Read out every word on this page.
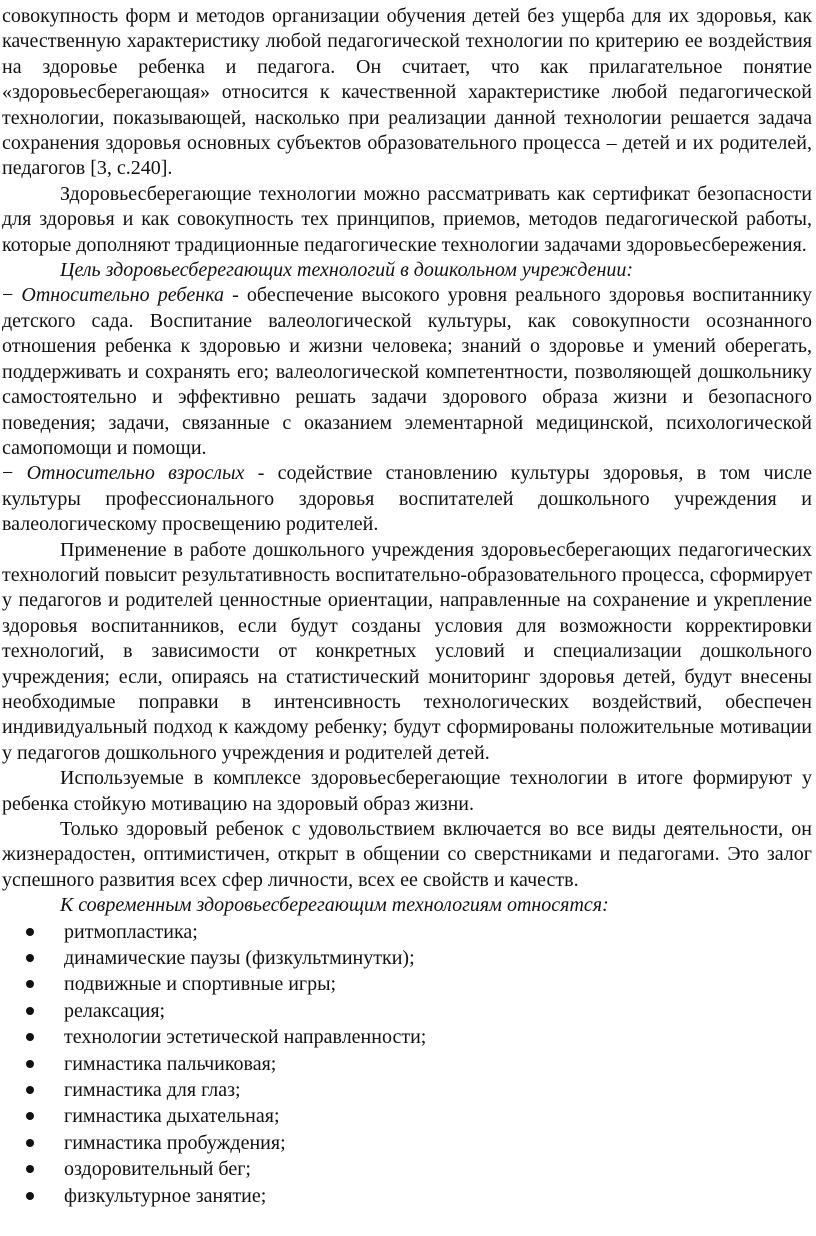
совокупность форм и методов организации обучения детей без ущерба для их здоровья, как качественную характеристику любой педагогической технологии по критерию ее воздействия на здоровье ребенка и педагога. Он считает, что как прилагательное понятие «здоровьесберегающая» относится к качественной характеристике любой педагогической технологии, показывающей, насколько при реализации данной технологии решается задача сохранения здоровья основных субъектов образовательного процесса – детей и их родителей, педагогов [3, с.240].

Здоровьесберегающие технологии можно рассматривать как сертификат безопасности для здоровья и как совокупность тех принципов, приемов, методов педагогической работы, которые дополняют традиционные педагогические технологии задачами здоровьесбережения.

Цель здоровьесберегающих технологий в дошкольном учреждении:

− Относительно ребенка - обеспечение высокого уровня реального здоровья воспитаннику детского сада. Воспитание валеологической культуры, как совокупности осознанного отношения ребенка к здоровью и жизни человека; знаний о здоровье и умений оберегать, поддерживать и сохранять его; валеологической компетентности, позволяющей дошкольнику самостоятельно и эффективно решать задачи здорового образа жизни и безопасного поведения; задачи, связанные с оказанием элементарной медицинской, психологической самопомощи и помощи.

− Относительно взрослых - содействие становлению культуры здоровья, в том числе культуры профессионального здоровья воспитателей дошкольного учреждения и валеологическому просвещению родителей.

Применение в работе дошкольного учреждения здоровьесберегающих педагогических технологий повысит результативность воспитательно-образовательного процесса, сформирует у педагогов и родителей ценностные ориентации, направленные на сохранение и укрепление здоровья воспитанников, если будут созданы условия для возможности корректировки технологий, в зависимости от конкретных условий и специализации дошкольного учреждения; если, опираясь на статистический мониторинг здоровья детей, будут внесены необходимые поправки в интенсивность технологических воздействий, обеспечен индивидуальный подход к каждому ребенку; будут сформированы положительные мотивации у педагогов дошкольного учреждения и родителей детей.

Используемые в комплексе здоровьесберегающие технологии в итоге формируют у ребенка стойкую мотивацию на здоровый образ жизни.

Только здоровый ребенок с удовольствием включается во все виды деятельности, он жизнерадостен, оптимистичен, открыт в общении со сверстниками и педагогами. Это залог успешного развития всех сфер личности, всех ее свойств и качеств.

К современным здоровьесберегающим технологиям относятся:

ритмопластика;
динамические паузы (физкультминутки);
подвижные и спортивные игры;
релаксация;
технологии эстетической направленности;
гимнастика пальчиковая;
гимнастика для глаз;
гимнастика дыхательная;
гимнастика пробуждения;
оздоровительный бег;
физкультурное занятие;
